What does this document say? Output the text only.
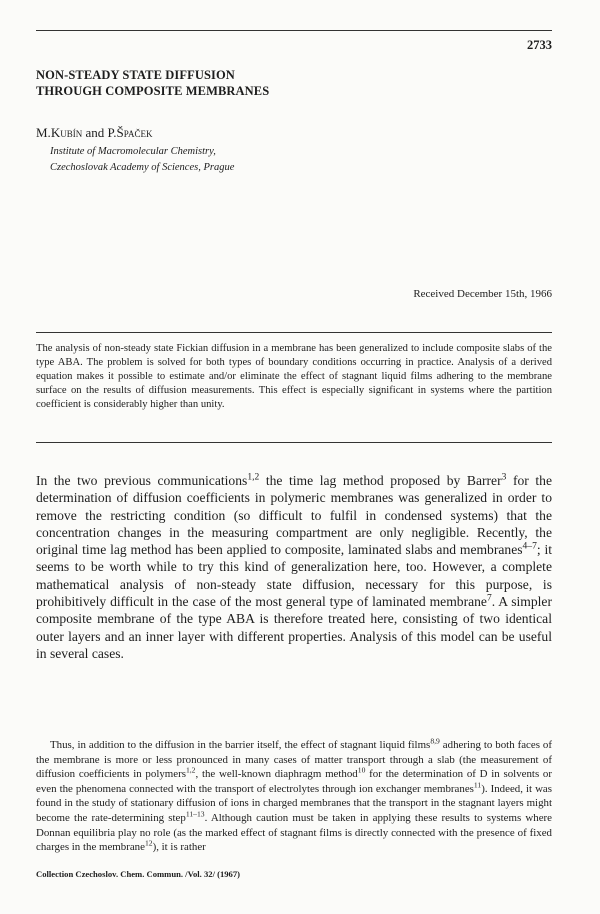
2733
NON-STEADY STATE DIFFUSION
THROUGH COMPOSITE MEMBRANES
M.Kubín and P.Špaček
Institute of Macromolecular Chemistry,
Czechoslovak Academy of Sciences, Prague
Received December 15th, 1966

The analysis of non-steady state Fickian diffusion in a membrane has been generalized to include composite slabs of the type ABA. The problem is solved for both types of boundary conditions occurring in practice. Analysis of a derived equation makes it possible to estimate and/or eliminate the effect of stagnant liquid films adhering to the membrane surface on the results of diffusion measurements. This effect is especially significant in systems where the partition coefficient is considerably higher than unity.

In the two previous communications$^{1,2}$ the time lag method proposed by Barrer$^3$ for the determination of diffusion coefficients in polymeric membranes was generalized in order to remove the restricting condition (so difficult to fulfil in condensed systems) that the concentration changes in the measuring compartment are only negligible. Recently, the original time lag method has been applied to composite, laminated slabs and membranes$^{4-7}$; it seems to be worth while to try this kind of generalization here, too. However, a complete mathematical analysis of non-steady state diffusion, necessary for this purpose, is prohibitively difficult in the case of the most general type of laminated membrane$^7$. A simpler composite membrane of the type ABA is therefore treated here, consisting of two identical outer layers and an inner layer with different properties. Analysis of this model can be useful in several cases.

Thus, in addition to the diffusion in the barrier itself, the effect of stagnant liquid films$^{8,9}$ adhering to both faces of the membrane is more or less pronounced in many cases of matter transport through a slab (the measurement of diffusion coefficients in polymers$^{1,2}$, the well-known diaphragm method$^{10}$ for the determination of D in solvents or even the phenomena connected with the transport of electrolytes through ion exchanger membranes$^{11}$). Indeed, it was found in the study of stationary diffusion of ions in charged membranes that the transport in the stagnant layers might become the rate-determining step$^{11-13}$. Although caution must be taken in applying these results to systems where Donnan equilibria play no role (as the marked effect of stagnant films is directly connected with the presence of fixed charges in the membrane$^{12}$), it is rather

Collection Czechoslov. Chem. Commun. /Vol. 32/ (1967)
